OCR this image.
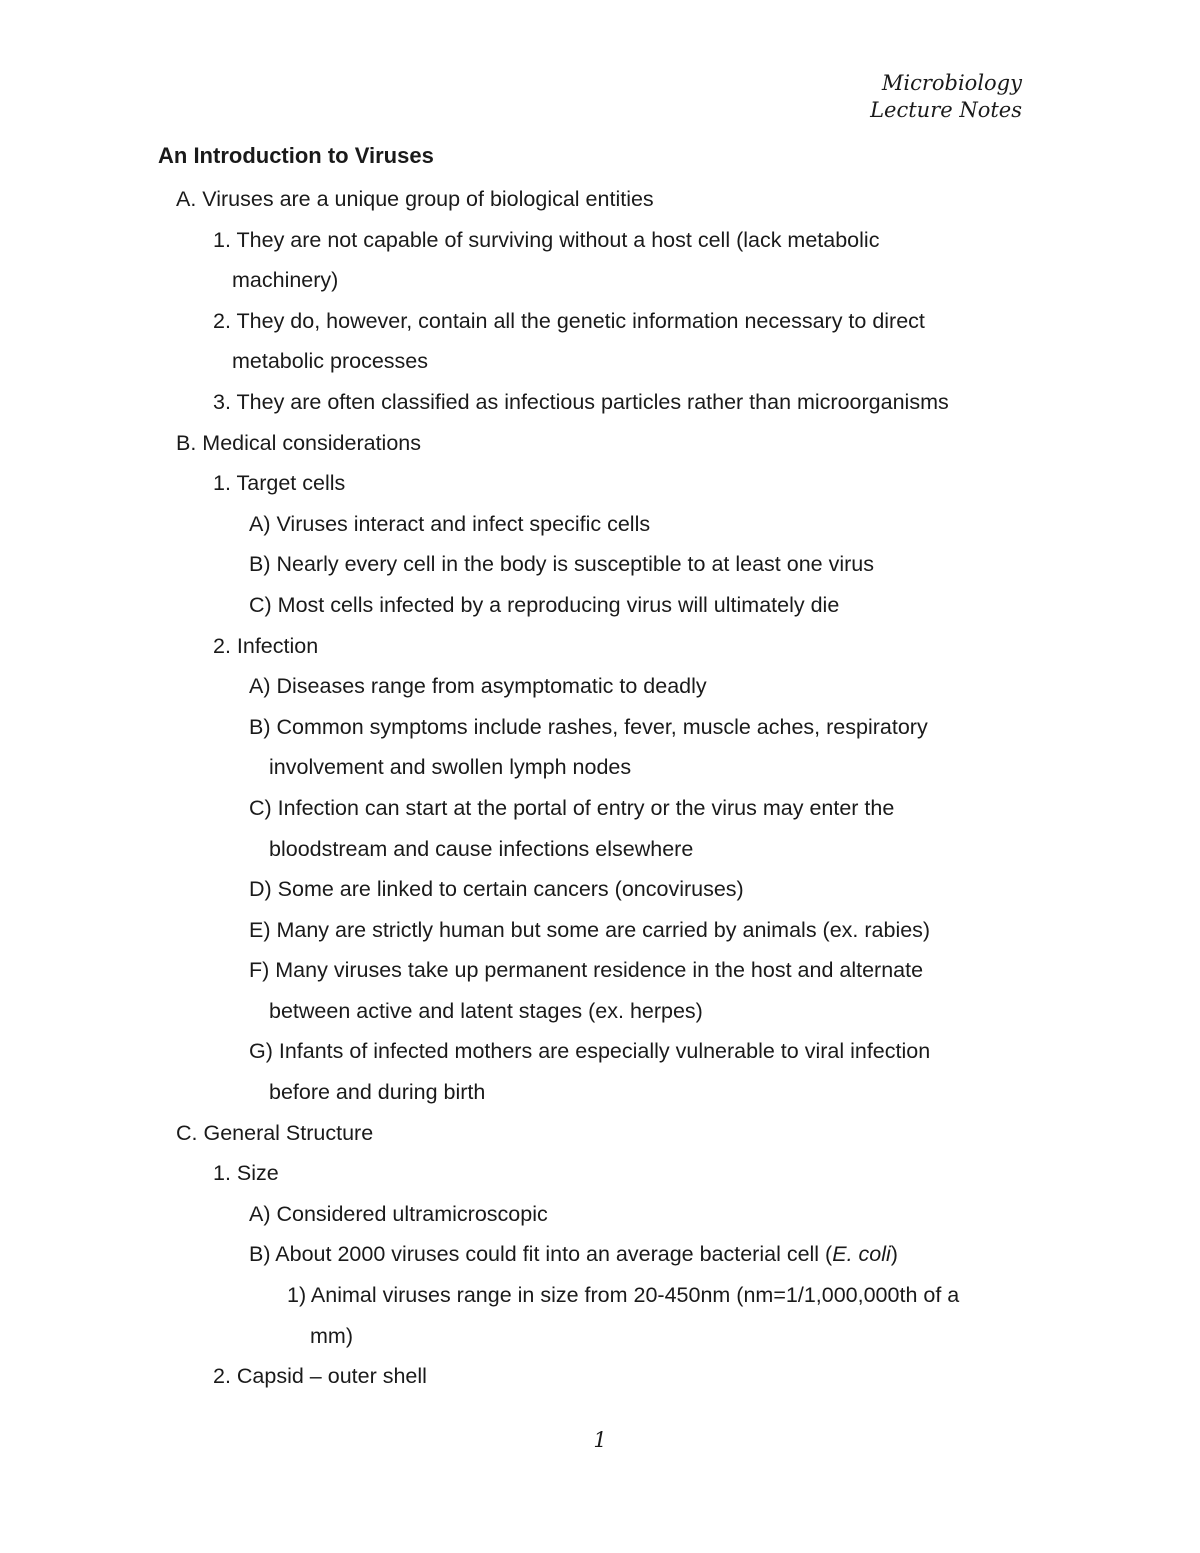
Microbiology
Lecture Notes
An Introduction to Viruses
A. Viruses are a unique group of biological entities
1. They are not capable of surviving without a host cell (lack metabolic
machinery)
2. They do, however, contain all the genetic information necessary to direct
metabolic processes
3. They are often classified as infectious particles rather than microorganisms
B. Medical considerations
1. Target cells
A) Viruses interact and infect specific cells
B) Nearly every cell in the body is susceptible to at least one virus
C) Most cells infected by a reproducing virus will ultimately die
2. Infection
A) Diseases range from asymptomatic to deadly
B) Common symptoms include rashes, fever, muscle aches, respiratory
involvement and swollen lymph nodes
C) Infection can start at the portal of entry or the virus may enter the
bloodstream and cause infections elsewhere
D) Some are linked to certain cancers (oncoviruses)
E) Many are strictly human but some are carried by animals (ex. rabies)
F) Many viruses take up permanent residence in the host and alternate
between active and latent stages (ex. herpes)
G) Infants of infected mothers are especially vulnerable to viral infection
before and during birth
C. General Structure
1. Size
A) Considered ultramicroscopic
B) About 2000 viruses could fit into an average bacterial cell (E. coli)
1) Animal viruses range in size from 20-450nm (nm=1/1,000,000th of a
mm)
2. Capsid – outer shell
1
